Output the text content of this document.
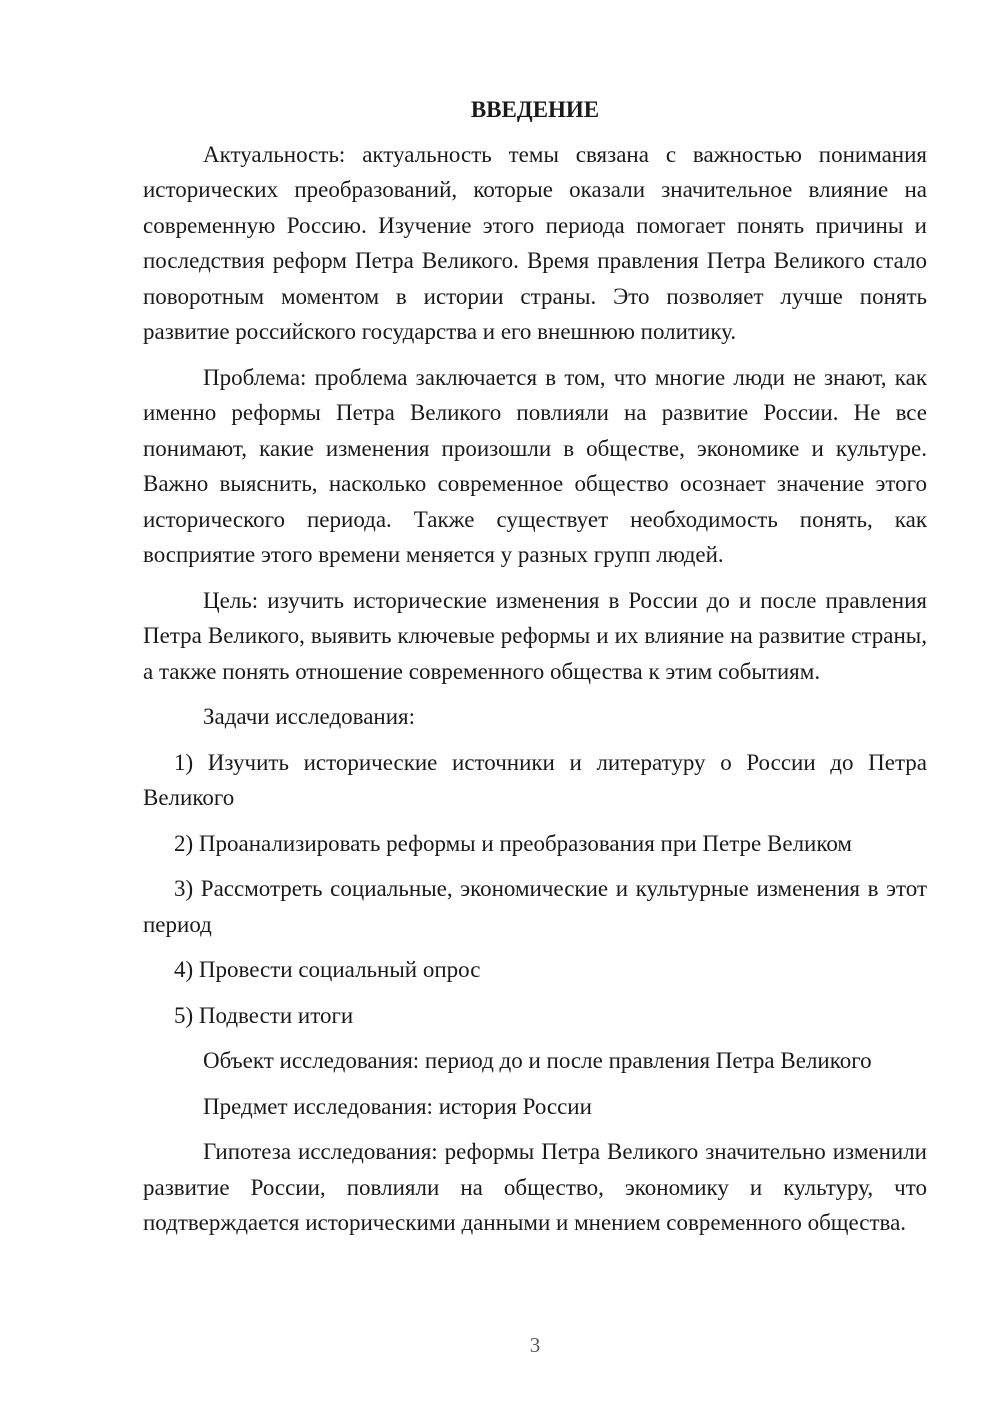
ВВЕДЕНИЕ

Актуальность: актуальность темы связана с важностью понимания исторических преобразований, которые оказали значительное влияние на современную Россию. Изучение этого периода помогает понять причины и последствия реформ Петра Великого. Время правления Петра Великого стало поворотным моментом в истории страны. Это позволяет лучше понять развитие российского государства и его внешнюю политику.

Проблема: проблема заключается в том, что многие люди не знают, как именно реформы Петра Великого повлияли на развитие России. Не все понимают, какие изменения произошли в обществе, экономике и культуре. Важно выяснить, насколько современное общество осознает значение этого исторического периода. Также существует необходимость понять, как восприятие этого времени меняется у разных групп людей.

Цель: изучить исторические изменения в России до и после правления Петра Великого, выявить ключевые реформы и их влияние на развитие страны, а также понять отношение современного общества к этим событиям.

Задачи исследования:

1) Изучить исторические источники и литературу о России до Петра Великого

2) Проанализировать реформы и преобразования при Петре Великом

3) Рассмотреть социальные, экономические и культурные изменения в этот период

4) Провести социальный опрос

5) Подвести итоги

Объект исследования: период до и после правления Петра Великого

Предмет исследования: история России

Гипотеза исследования: реформы Петра Великого значительно изменили развитие России, повлияли на общество, экономику и культуру, что подтверждается историческими данными и мнением современного общества.

3
